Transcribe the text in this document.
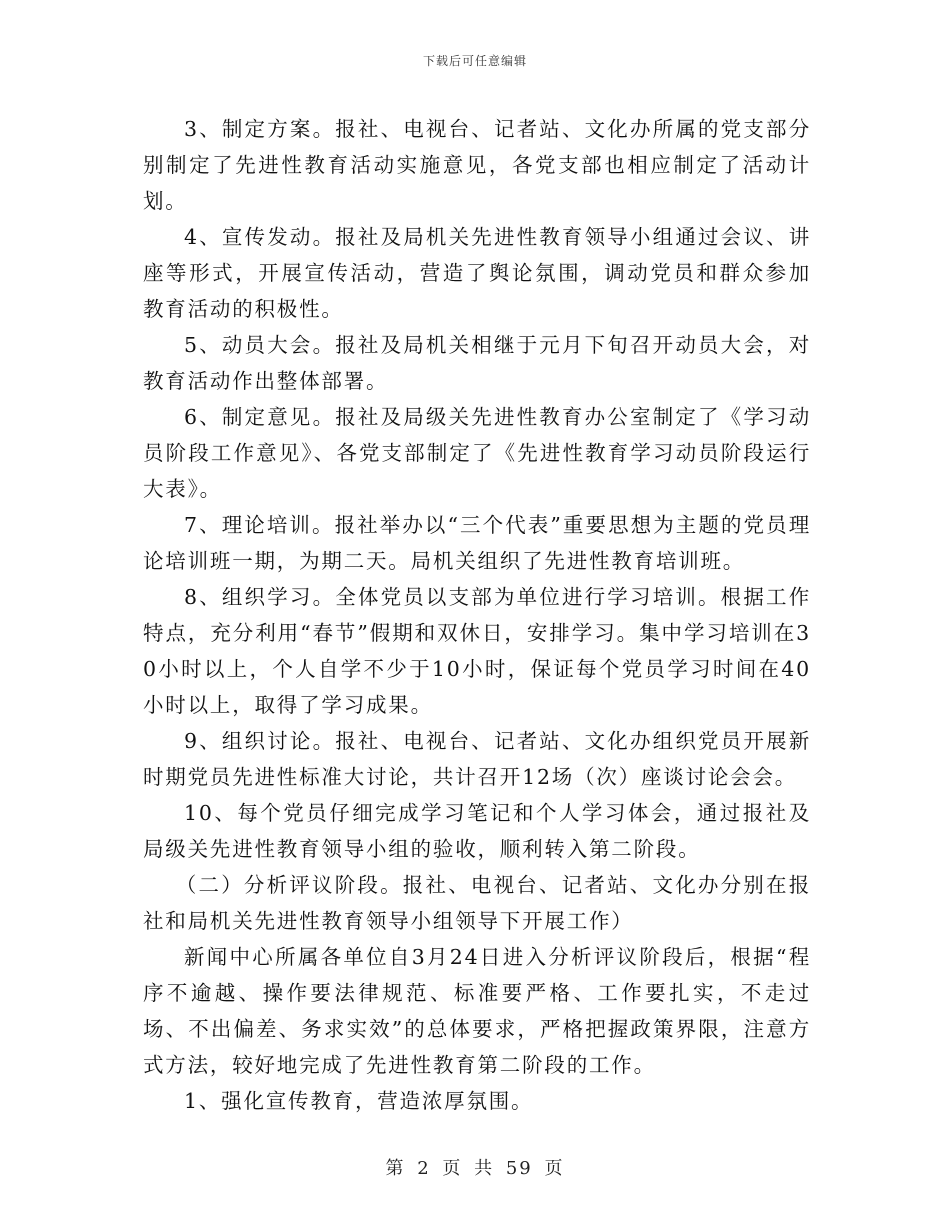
下载后可任意编辑

3、制定方案。报社、电视台、记者站、文化办所属的党支部分别制定了先进性教育活动实施意见，各党支部也相应制定了活动计划。

4、宣传发动。报社及局机关先进性教育领导小组通过会议、讲座等形式，开展宣传活动，营造了舆论氛围，调动党员和群众参加教育活动的积极性。

5、动员大会。报社及局机关相继于元月下旬召开动员大会，对教育活动作出整体部署。

6、制定意见。报社及局级关先进性教育办公室制定了《学习动员阶段工作意见》、各党支部制定了《先进性教育学习动员阶段运行大表》。

7、理论培训。报社举办以“三个代表”重要思想为主题的党员理论培训班一期，为期二天。局机关组织了先进性教育培训班。

8、组织学习。全体党员以支部为单位进行学习培训。根据工作特点，充分利用“春节”假期和双休日，安排学习。集中学习培训在30小时以上，个人自学不少于10小时，保证每个党员学习时间在40小时以上，取得了学习成果。

9、组织讨论。报社、电视台、记者站、文化办组织党员开展新时期党员先进性标准大讨论，共计召开12场（次）座谈讨论会会。

10、每个党员仔细完成学习笔记和个人学习体会，通过报社及局级关先进性教育领导小组的验收，顺利转入第二阶段。

（二）分析评议阶段。报社、电视台、记者站、文化办分别在报社和局机关先进性教育领导小组领导下开展工作）

新闻中心所属各单位自3月24日进入分析评议阶段后，根据“程序不逾越、操作要法律规范、标准要严格、工作要扎实，不走过场、不出偏差、务求实效”的总体要求，严格把握政策界限，注意方式方法，较好地完成了先进性教育第二阶段的工作。

1、强化宣传教育，营造浓厚氛围。

第 2 页 共 59 页
